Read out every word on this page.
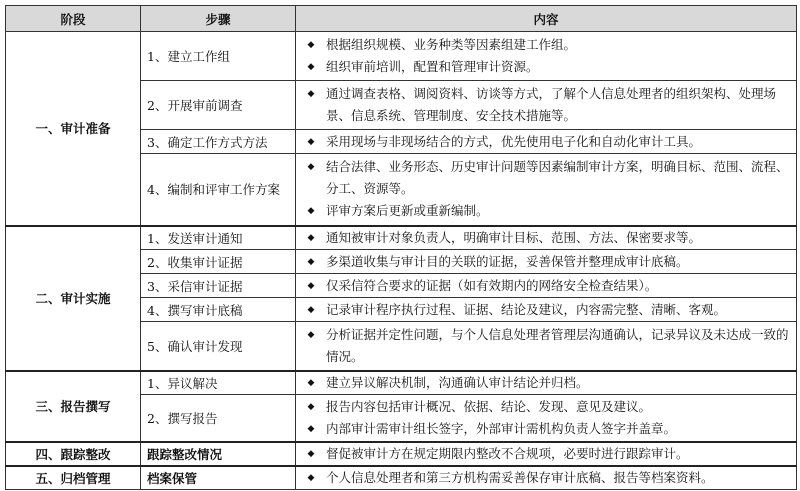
阶段	步骤	内容
一、审计准备	1、建立工作组	◆ 根据组织规模、业务种类等因素组建工作组。
◆ 组织审前培训，配置和管理审计资源。

	2、开展审前调查	◆ 通过调查表格、调阅资料、访谈等方式，了解个人信息处理者的组织架构、处理场景、信息系统、管理制度、安全技术措施等。

	3、确定工作方式方法	◆ 采用现场与非现场结合的方式，优先使用电子化和自动化审计工具。

	4、编制和评审工作方案	◆ 结合法律、业务形态、历史审计问题等因素编制审计方案，明确目标、范围、流程、分工、资源等。
◆ 评审方案后更新或重新编制。

二、审计实施	1、发送审计通知	◆ 通知被审计对象负责人，明确审计目标、范围、方法、保密要求等。

	2、收集审计证据	◆ 多渠道收集与审计目的关联的证据，妥善保管并整理成审计底稿。

	3、采信审计证据	◆ 仅采信符合要求的证据（如有效期内的网络安全检查结果）。

	4、撰写审计底稿	◆ 记录审计程序执行过程、证据、结论及建议，内容需完整、清晰、客观。

	5、确认审计发现	◆ 分析证据并定性问题，与个人信息处理者管理层沟通确认，记录异议及未达成一致的情况。

三、报告撰写	1、异议解决	◆ 建立异议解决机制，沟通确认审计结论并归档。

	2、撰写报告	◆ 报告内容包括审计概况、依据、结论、发现、意见及建议。
◆ 内部审计需审计组长签字，外部审计需机构负责人签字并盖章。

四、跟踪整改	跟踪整改情况	◆ 督促被审计方在规定期限内整改不合规项，必要时进行跟踪审计。

五、归档管理	档案保管	◆ 个人信息处理者和第三方机构需妥善保存审计底稿、报告等档案资料。
